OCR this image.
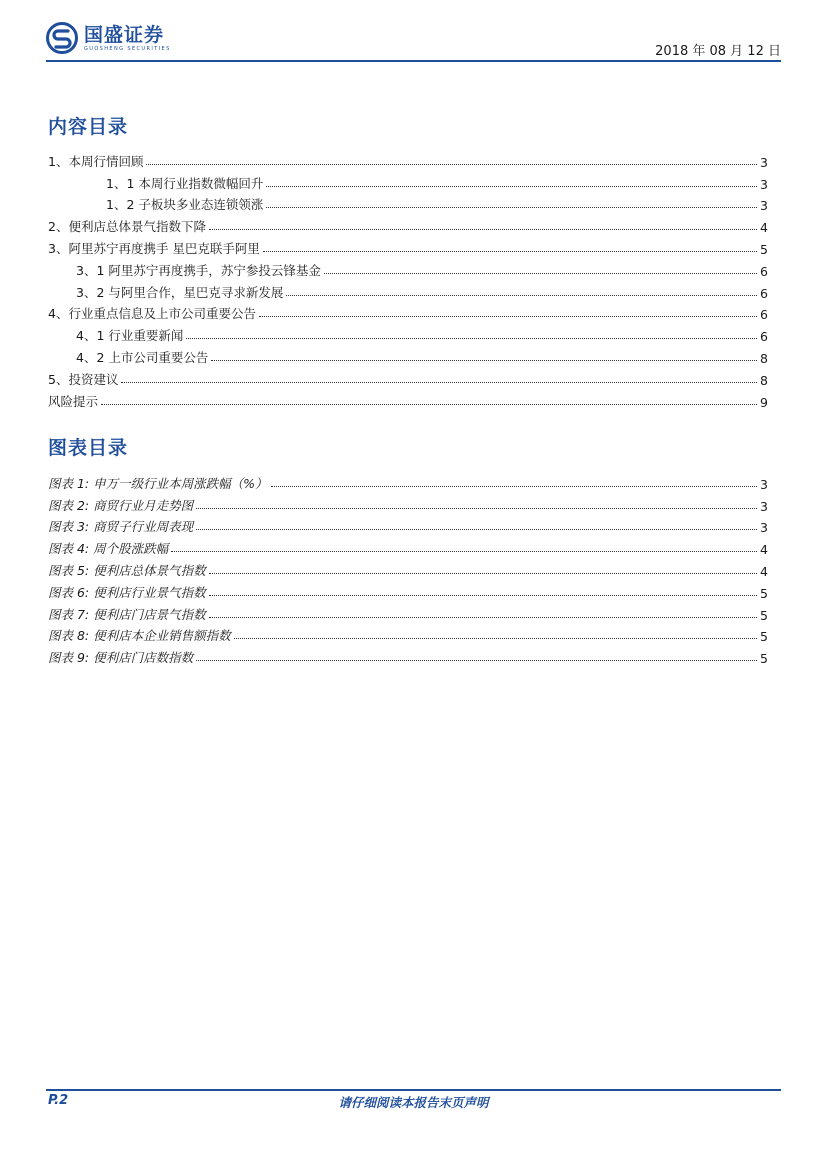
国盛证券
GUOSHENG SECURITIES	2018 年 08 月 12 日
内容目录
1、本周行情回顾	3
1、1 本周行业指数微幅回升	3
1、2 子板块多业态连锁领涨	3
2、便利店总体景气指数下降	4
3、阿里苏宁再度携手 星巴克联手阿里	5
3、1 阿里苏宁再度携手，苏宁参投云锋基金	6
3、2 与阿里合作，星巴克寻求新发展	6
4、行业重点信息及上市公司重要公告	6
4、1 行业重要新闻	6
4、2 上市公司重要公告	8
5、投资建议	8
风险提示	9
图表目录
图表 1: 申万一级行业本周涨跌幅（%）	3
图表 2: 商贸行业月走势图	3
图表 3: 商贸子行业周表现	3
图表 4: 周个股涨跌幅	4
图表 5: 便利店总体景气指数	4
图表 6: 便利店行业景气指数	5
图表 7: 便利店门店景气指数	5
图表 8: 便利店本企业销售额指数	5
图表 9: 便利店门店数指数	5
请仔细阅读本报告末页声明
P.2
